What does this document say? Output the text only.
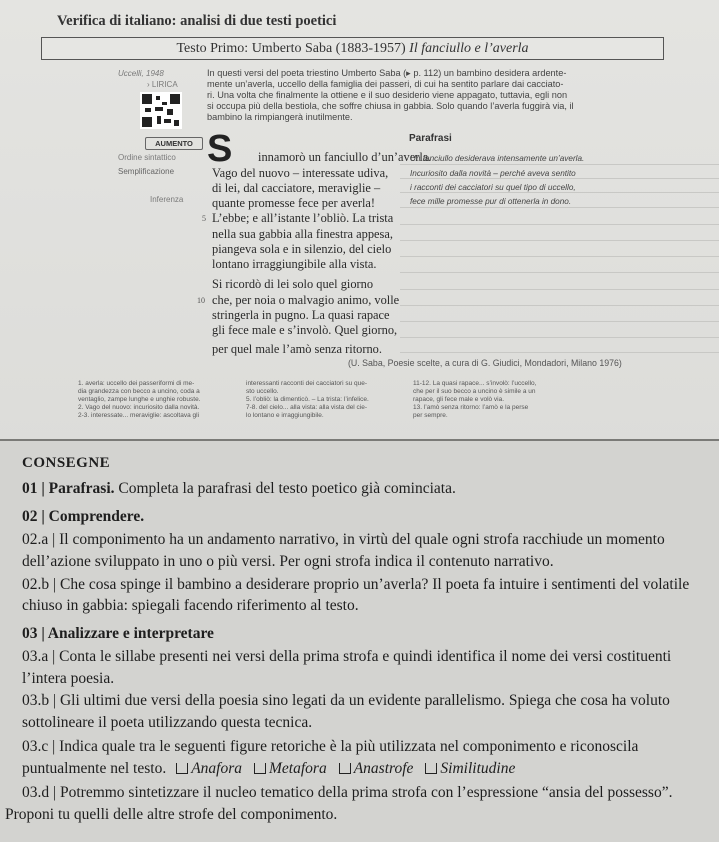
Verifica di italiano: analisi di due testi poetici
Testo Primo: Umberto Saba (1883-1957) Il fanciullo e l’averla
Uccelli, 1948
› LIRICA
In questi versi del poeta triestino Umberto Saba (▸ p. 112) un bambino desidera ardente-
mente un’averla, uccello della famiglia dei passeri, di cui ha sentito parlare dai cacciato-
ri. Una volta che finalmente la ottiene e il suo desiderio viene appagato, tuttavia, egli non
si occupa più della bestiola, che soffre chiusa in gabbia. Solo quando l’averla fuggirà via, il
bambino la rimpiangerà inutilmente.
AUMENTO
Ordine sintattico
Semplificazione
Inferenza
S innamorò un fanciullo d’un’averla.
Vago del nuovo – interessate udiva,
di lei, dal cacciatore, meraviglie –
quante promesse fece per averla!
5 L’ebbe; e all’istante l’obliò. La trista
nella sua gabbia alla finestra appesa,
piangeva sola e in silenzio, del cielo
lontano irraggiungibile alla vista.
Si ricordò di lei solo quel giorno
10 che, per noia o malvagio animo, volle
stringerla in pugno. La quasi rapace
gli fece male e s’involò. Quel giorno,
per quel male l’amò senza ritorno.
Parafrasi
Un fanciullo desiderava intensamente un’averla.
Incuriosito dalla novità – perché aveva sentito
i racconti dei cacciatori su quel tipo di uccello,
fece mille promesse pur di ottenerla in dono.
(U. Saba, Poesie scelte, a cura di G. Giudici, Mondadori, Milano 1976)
1. averla: uccello dei passeriformi di me-
dia grandezza con becco a uncino, coda a
ventaglio, zampe lunghe e unghie robuste.
2. Vago del nuovo: incuriosito dalla novità.
2-3. interessate... meraviglie: ascoltava gli
interessanti racconti dei cacciatori su que-
sto uccello.
5. l’obliò: la dimenticò. – La trista: l’infelice.
7-8. del cielo... alla vista: alla vista del cie-
lo lontano e irraggiungibile.
11-12. La quasi rapace... s’involò: l’uccello,
che per il suo becco a uncino è simile a un
rapace, gli fece male e volò via.
13. l’amò senza ritorno: l’amò e la perse
per sempre.
CONSEGNE
01 | Parafrasi. Completa la parafrasi del testo poetico già cominciata.
02 | Comprendere.
02.a | Il componimento ha un andamento narrativo, in virtù del quale ogni strofa racchiude un momento
dell’azione sviluppato in uno o più versi. Per ogni strofa indica il contenuto narrativo.
02.b | Che cosa spinge il bambino a desiderare proprio un’averla? Il poeta fa intuire i sentimenti del volatile
chiuso in gabbia: spiegali facendo riferimento al testo.
03 | Analizzare e interpretare
03.a | Conta le sillabe presenti nei versi della prima strofa e quindi identifica il nome dei versi costituenti
l’intera poesia.
03.b | Gli ultimi due versi della poesia sino legati da un evidente parallelismo. Spiega che cosa ha voluto
sottolineare il poeta utilizzando questa tecnica.
03.c | Indica quale tra le seguenti figure retoriche è la più utilizzata nel componimento e riconoscila
puntualmente nel testo. Anafora Metafora Anastrofe Similitudine
03.d | Potremmo sintetizzare il nucleo tematico della prima strofa con l’espressione “ansia del possesso”.
Proponi tu quelli delle altre strofe del componimento.
